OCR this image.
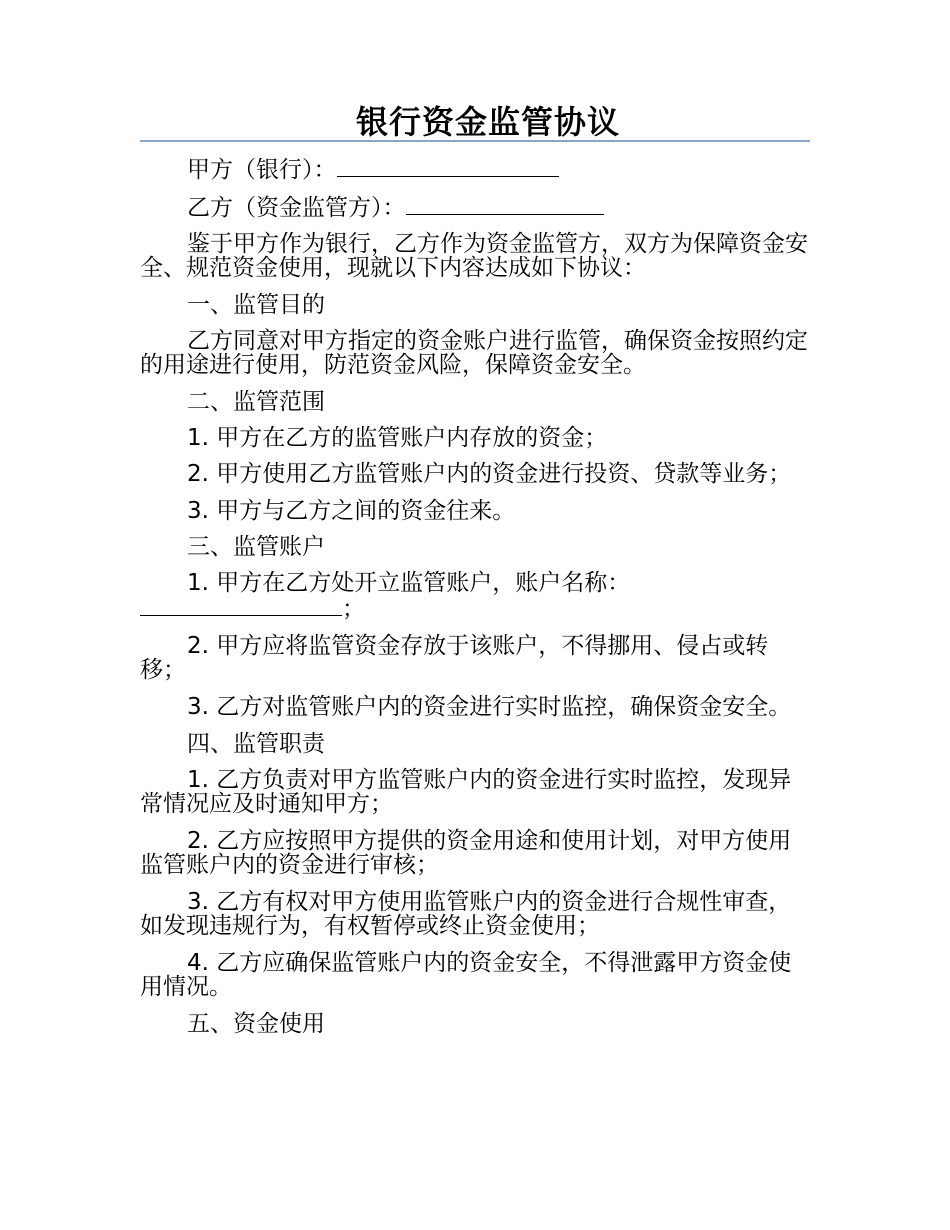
银行资金监管协议

甲方（银行）：

乙方（资金监管方）：

鉴于甲方作为银行，乙方作为资金监管方，双方为保障资金安全、规范资金使用，现就以下内容达成如下协议：

一、监管目的

乙方同意对甲方指定的资金账户进行监管，确保资金按照约定的用途进行使用，防范资金风险，保障资金安全。

二、监管范围

1. 甲方在乙方的监管账户内存放的资金；

2. 甲方使用乙方监管账户内的资金进行投资、贷款等业务；

3. 甲方与乙方之间的资金往来。

三、监管账户

1. 甲方在乙方处开立监管账户，账户名称：；

2. 甲方应将监管资金存放于该账户，不得挪用、侵占或转移；

3. 乙方对监管账户内的资金进行实时监控，确保资金安全。

四、监管职责

1. 乙方负责对甲方监管账户内的资金进行实时监控，发现异常情况应及时通知甲方；

2. 乙方应按照甲方提供的资金用途和使用计划，对甲方使用监管账户内的资金进行审核；

3. 乙方有权对甲方使用监管账户内的资金进行合规性审查，如发现违规行为，有权暂停或终止资金使用；

4. 乙方应确保监管账户内的资金安全，不得泄露甲方资金使用情况。

五、资金使用
